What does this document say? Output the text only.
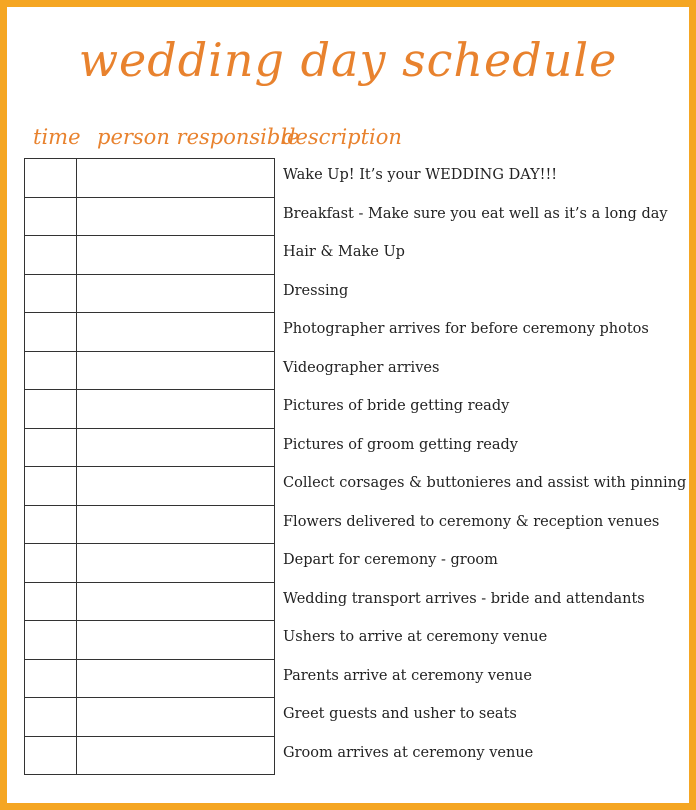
wedding day schedule
time person responsible
description
Wake Up! It’s your WEDDING DAY!!!
Breakfast - Make sure you eat well as it’s a long day
Hair & Make Up
Dressing
Photographer arrives for before ceremony photos
Videographer arrives
Pictures of bride getting ready
Pictures of groom getting ready
Collect corsages & buttonieres and assist with pinning
Flowers delivered to ceremony & reception venues
Depart for ceremony - groom
Wedding transport arrives - bride and attendants
Ushers to arrive at ceremony venue
Parents arrive at ceremony venue
Greet guests and usher to seats
Groom arrives at ceremony venue
